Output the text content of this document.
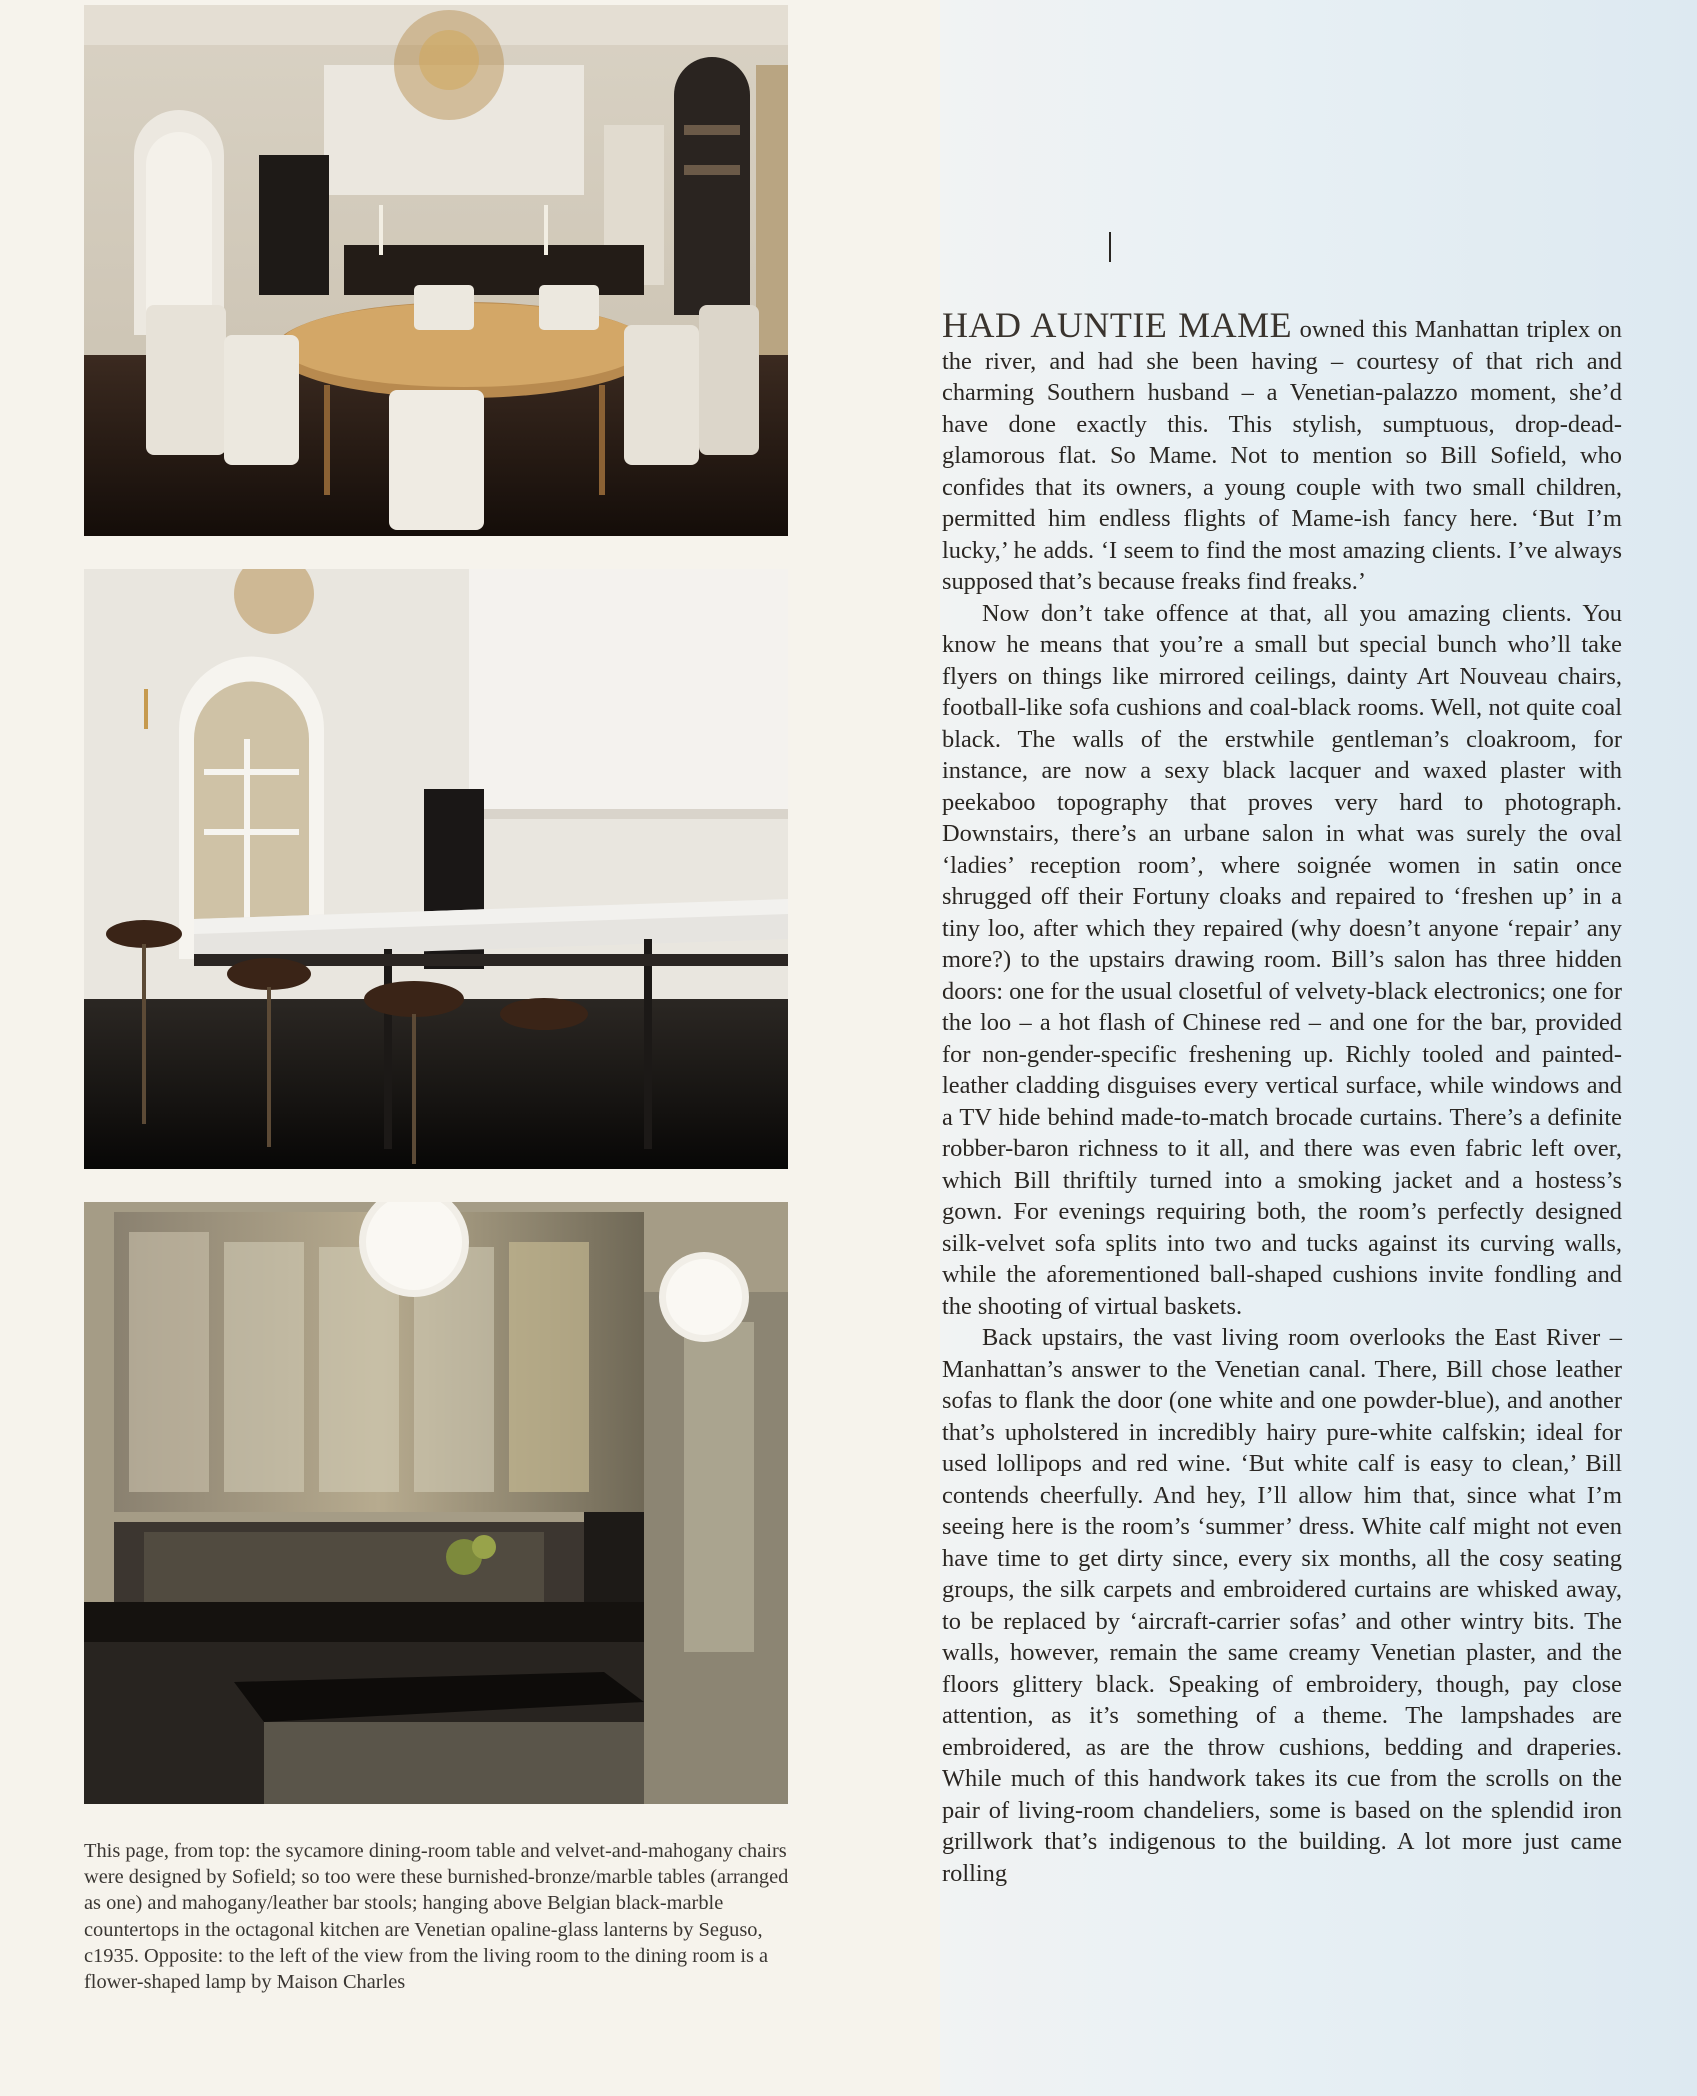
This page, from top: the sycamore dining-room table and velvet-and-mahogany chairs were designed by Sofield; so too were these burnished-bronze/marble tables (arranged as one) and mahogany/leather bar stools; hanging above Belgian black-marble countertops in the octagonal kitchen are Venetian opaline-glass lanterns by Seguso, c1935. Opposite: to the left of the view from the living room to the dining room is a flower-shaped lamp by Maison Charles

HAD AUNTIE MAME owned this Manhattan triplex on the river, and had she been having – courtesy of that rich and charming Southern husband – a Venetian-palazzo moment, she’d have done exactly this. This stylish, sumptuous, drop-dead-glamorous flat. So Mame. Not to mention so Bill Sofield, who confides that its owners, a young couple with two small children, permitted him endless flights of Mame-ish fancy here. ‘But I’m lucky,’ he adds. ‘I seem to find the most amazing clients. I’ve always supposed that’s because freaks find freaks.’

Now don’t take offence at that, all you amazing clients. You know he means that you’re a small but special bunch who’ll take flyers on things like mirrored ceilings, dainty Art Nouveau chairs, football-like sofa cushions and coal-black rooms. Well, not quite coal black. The walls of the erstwhile gentleman’s cloakroom, for instance, are now a sexy black lacquer and waxed plaster with peekaboo topography that proves very hard to photograph. Downstairs, there’s an urbane salon in what was surely the oval ‘ladies’ reception room’, where soignée women in satin once shrugged off their Fortuny cloaks and repaired to ‘freshen up’ in a tiny loo, after which they repaired (why doesn’t anyone ‘repair’ any more?) to the upstairs drawing room. Bill’s salon has three hidden doors: one for the usual closetful of velvety-black electronics; one for the loo – a hot flash of Chinese red – and one for the bar, provided for non-gender-specific freshening up. Richly tooled and painted-leather cladding disguises every vertical surface, while windows and a TV hide behind made-to-match brocade curtains. There’s a definite robber-baron richness to it all, and there was even fabric left over, which Bill thriftily turned into a smoking jacket and a hostess’s gown. For evenings requiring both, the room’s perfectly designed silk-velvet sofa splits into two and tucks against its curving walls, while the aforementioned ball-shaped cushions invite fondling and the shooting of virtual baskets.

Back upstairs, the vast living room overlooks the East River – Manhattan’s answer to the Venetian canal. There, Bill chose leather sofas to flank the door (one white and one powder-blue), and another that’s upholstered in incredibly hairy pure-white calfskin; ideal for used lollipops and red wine. ‘But white calf is easy to clean,’ Bill contends cheerfully. And hey, I’ll allow him that, since what I’m seeing here is the room’s ‘summer’ dress. White calf might not even have time to get dirty since, every six months, all the cosy seating groups, the silk carpets and embroidered curtains are whisked away, to be replaced by ‘aircraft-carrier sofas’ and other wintry bits. The walls, however, remain the same creamy Venetian plaster, and the floors glittery black. Speaking of embroidery, though, pay close attention, as it’s something of a theme. The lampshades are embroidered, as are the throw cushions, bedding and draperies. While much of this handwork takes its cue from the scrolls on the pair of living-room chandeliers, some is based on the splendid iron grillwork that’s indigenous to the building. A lot more just came rolling
